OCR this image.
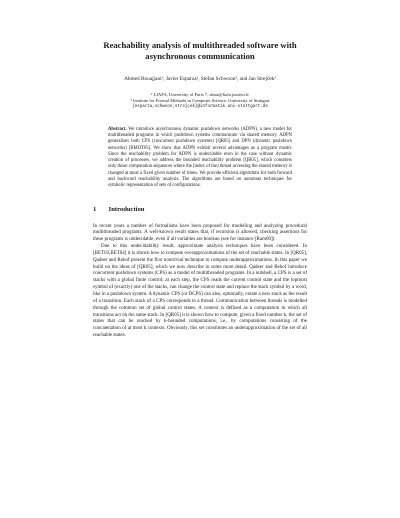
Reachability analysis of multithreaded software with asynchronous communication
Ahmed Bouajjani¹, Javier Esparza², Stefan Schwoon², and Jan Strejček²
¹ LIAFA, University of Paris 7, abou@liafa.jussieu.fr
² Institute for Formal Methods in Computer Science, University of Stuttgart
{esparza,schwoon,strejcek}@informatik.uni-stuttgart.de
Abstract. We introduce asynchronous dynamic pushdown networks (ADPN), a new model for multithreaded programs in which pushdown systems communicate via shared memory. ADPN generalizes both CPS (concurrent pushdown systems) [QR05] and DPN (dynamic pushdown networks) [BMOT05]. We show that ADPN exhibit several advantages as a program model. Since the reachability problem for ADPN is undecidable even in the case without dynamic creation of processes, we address the bounded reachability problem [QR05], which considers only those computation sequences where the (index of the) thread accessing the shared memory is changed at most a fixed given number of times. We provide efficient algorithms for both forward and backward reachability analysis. The algorithms are based on automata techniques for symbolic representation of sets of configurations.
1 Introduction

In recent years a number of formalisms have been proposed for modelling and analyzing procedural multithreaded programs. A well-known result states that, if recursion is allowed, checking assertions for these programs is undecidable, even if all variables are boolean (see for instance [Ram00]).

Due to this undecidability result, approximate analysis techniques have been considered. In [BET03,BET04] it is shown how to compute overapproximations of the set of reachable states. In [QR05], Qadeer and Rehof present the first nontrivial technique to compute underapproximations. In this paper we build on the ideas of [QR05], which we now describe in some more detail. Qadeer and Rehof introduce concurrent pushdown systems (CPS) as a model of multithreaded programs. In a nutshell, a CPS is a set of stacks with a global finite control; at each step, the CPS reads the current control state and the topmost symbol of (exactly) one of the stacks, can change the control state and replace the stack symbol by a word, like in a pushdown system. A dynamic CPS (or DCPS) can also, optionally, create a new stack as the result of a transition. Each stack of a CPS corresponds to a thread. Communication between threads is modelled through the common set of global control states. A context is defined as a computation in which all transitions act on the same stack. In [QR05] it is shown how to compute, given a fixed number k, the set of states that can be reached by k-bounded computations, i.e., by computations consisting of the concatenation of at most k contexts. Obviously, this set constitutes an underapproximation of the set of all reachable states.
